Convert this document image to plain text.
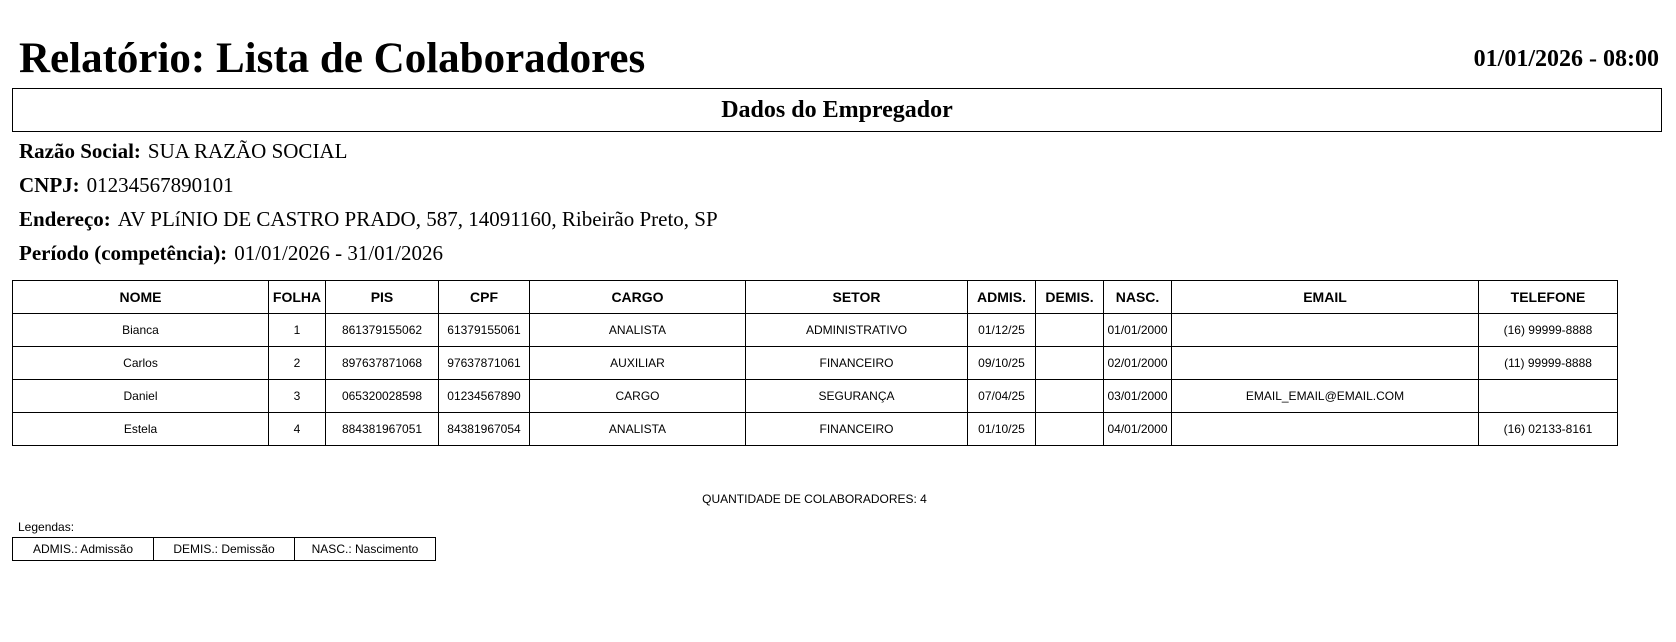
Relatório: Lista de Colaboradores	01/01/2026 - 08:00
Dados do Empregador
Razão Social: SUA RAZÃO SOCIAL
CNPJ: 01234567890101
Endereço: AV PLíNIO DE CASTRO PRADO, 587, 14091160, Ribeirão Preto, SP
Período (competência): 01/01/2026 - 31/01/2026
NOME	FOLHA	PIS	CPF	CARGO	SETOR	ADMIS.	DEMIS.	NASC.	EMAIL	TELEFONE
Bianca	1	861379155062	61379155061	ANALISTA	ADMINISTRATIVO	01/12/25		01/01/2000		(16) 99999-8888
Carlos	2	897637871068	97637871061	AUXILIAR	FINANCEIRO	09/10/25		02/01/2000		(11) 99999-8888
Daniel	3	065320028598	01234567890	CARGO	SEGURANÇA	07/04/25		03/01/2000	EMAIL_EMAIL@EMAIL.COM	
Estela	4	884381967051	84381967054	ANALISTA	FINANCEIRO	01/10/25		04/01/2000		(16) 02133-8161
QUANTIDADE DE COLABORADORES: 4
Legendas:
ADMIS.: Admissão	DEMIS.: Demissão	NASC.: Nascimento
